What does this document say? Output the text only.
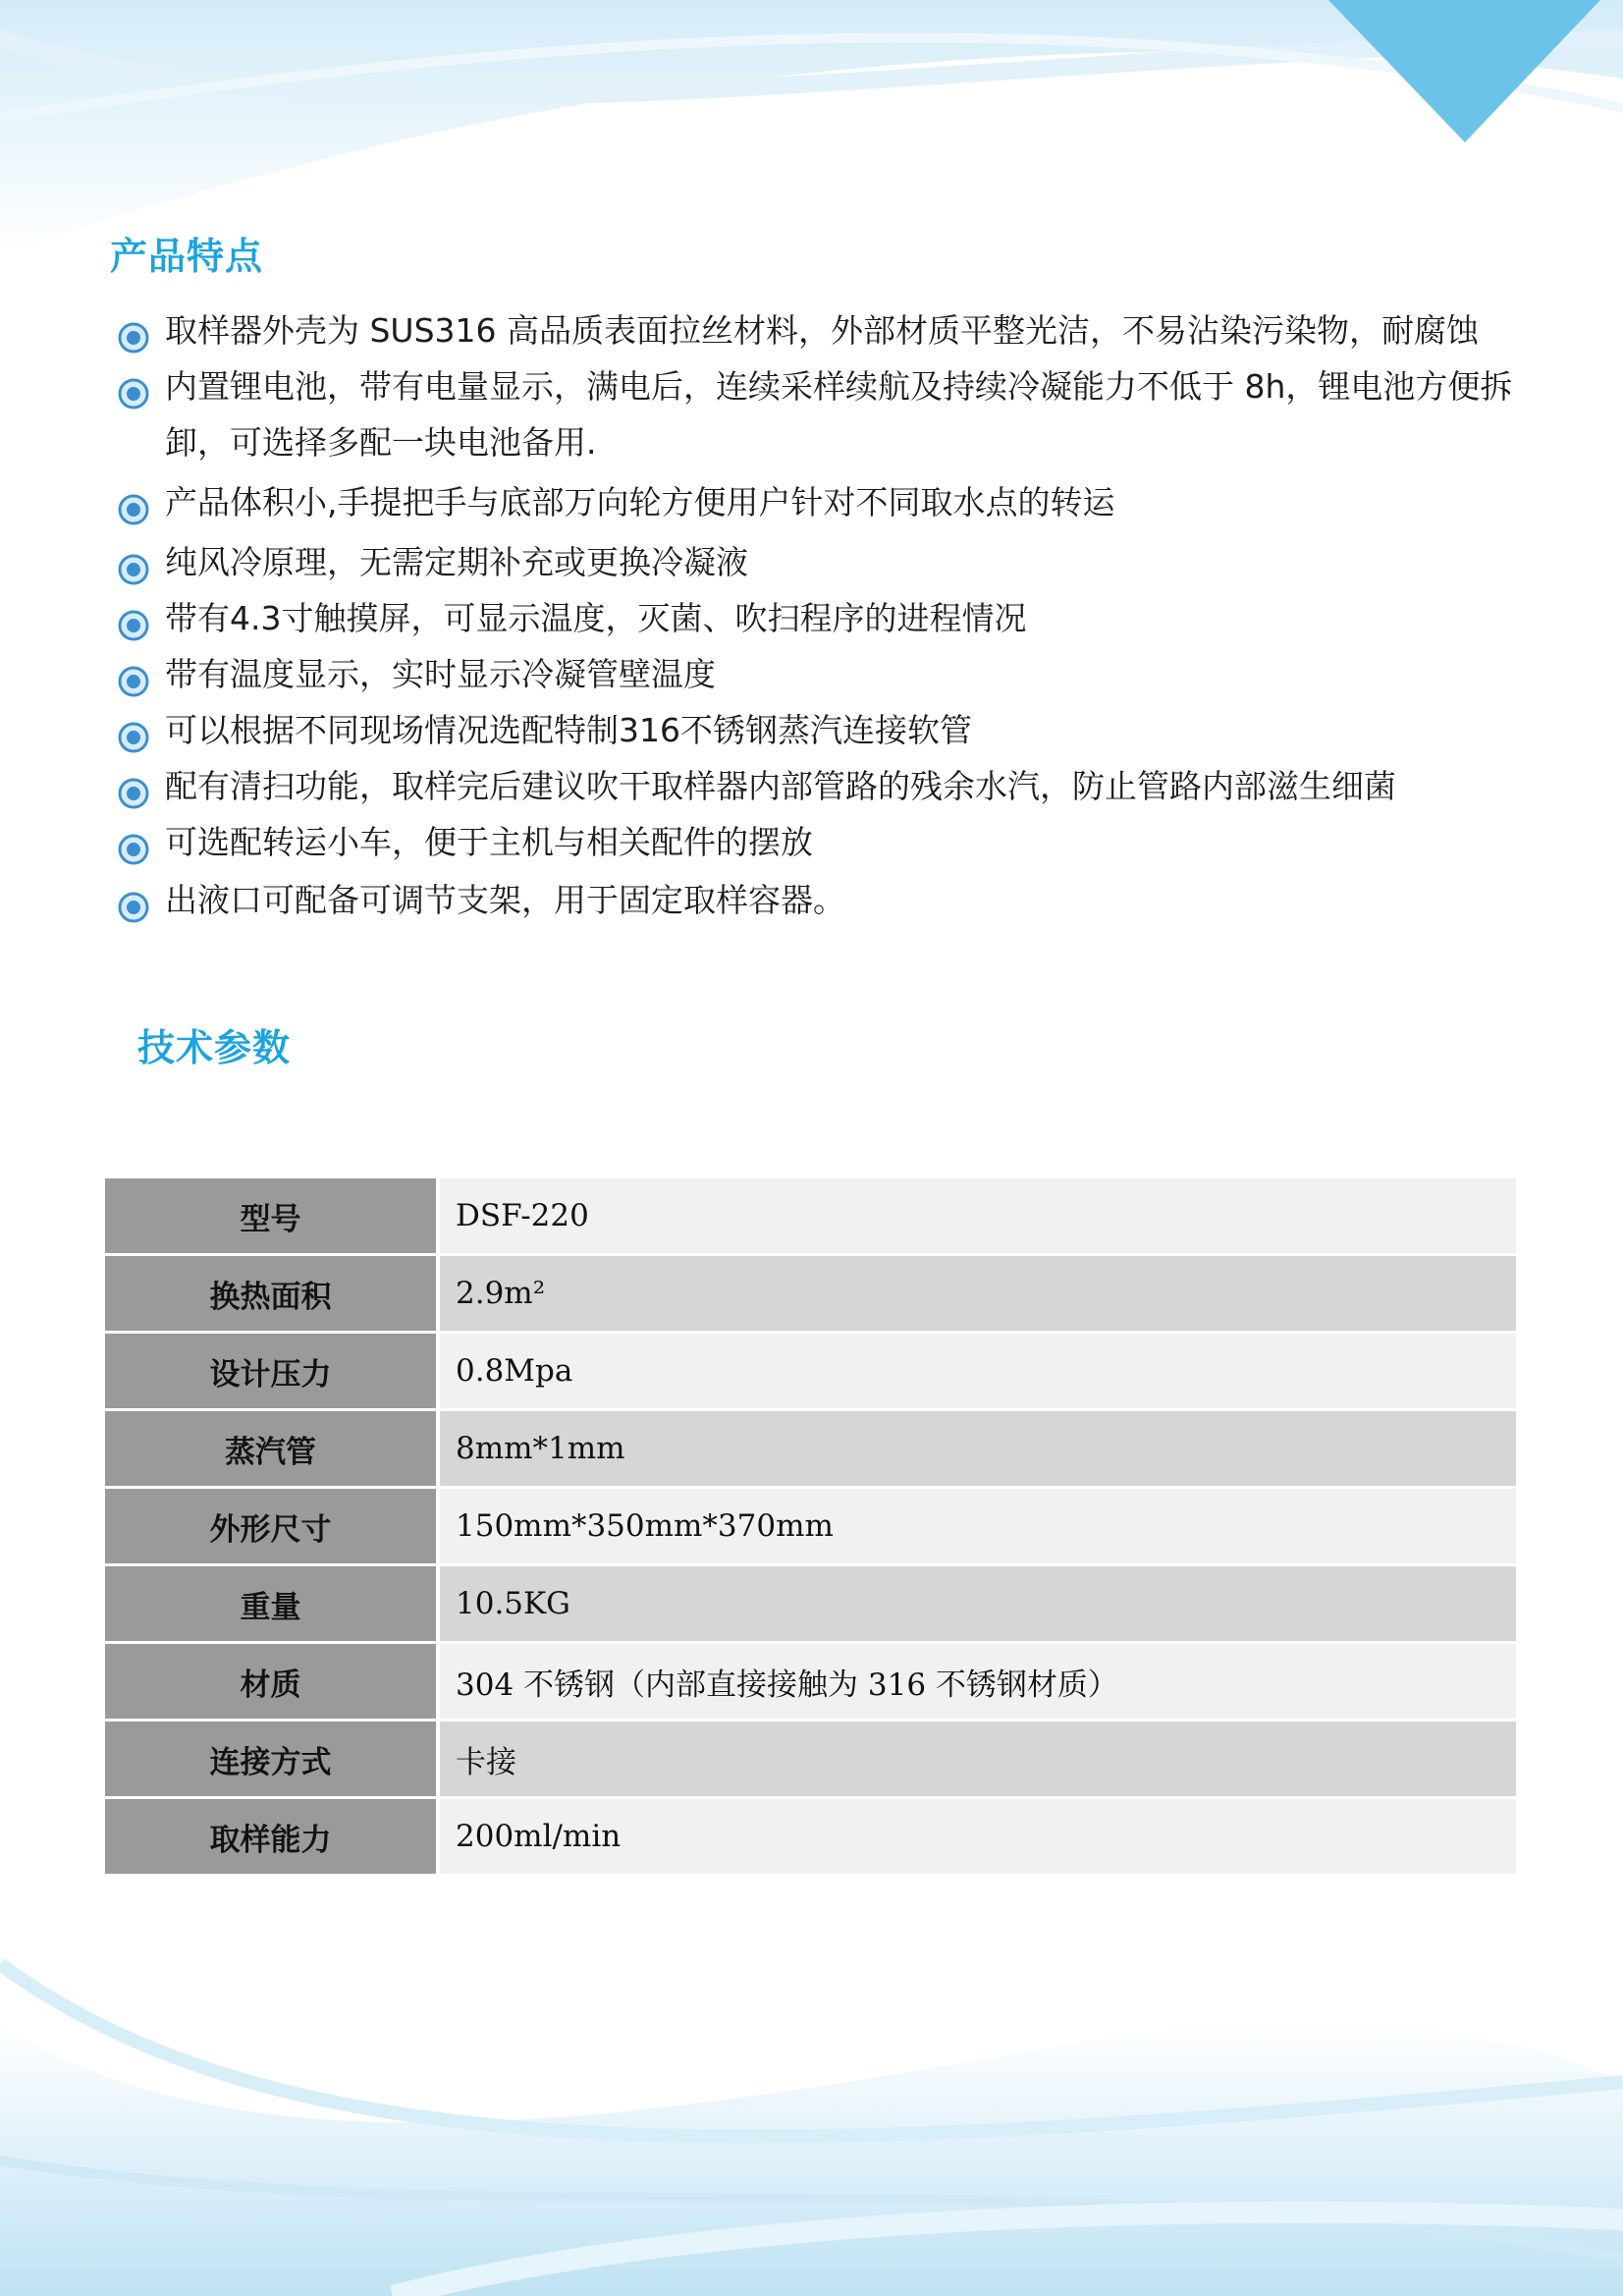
产品特点
取样器外壳为 SUS316 高品质表面拉丝材料，外部材质平整光洁，不易沾染污染物，耐腐蚀
内置锂电池，带有电量显示，满电后，连续采样续航及持续冷凝能力不低于 8h，锂电池方便拆卸，可选择多配一块电池备用.
产品体积小,手提把手与底部万向轮方便用户针对不同取水点的转运
纯风冷原理，无需定期补充或更换冷凝液
带有4.3寸触摸屏，可显示温度，灭菌、吹扫程序的进程情况
带有温度显示，实时显示冷凝管壁温度
可以根据不同现场情况选配特制316不锈钢蒸汽连接软管
配有清扫功能，取样完后建议吹干取样器内部管路的残余水汽，防止管路内部滋生细菌
可选配转运小车，便于主机与相关配件的摆放
出液口可配备可调节支架，用于固定取样容器。
技术参数
型号	DSF-220
换热面积	2.9m²
设计压力	0.8Mpa
蒸汽管	8mm*1mm
外形尺寸	150mm*350mm*370mm
重量	10.5KG
材质	304 不锈钢（内部直接接触为 316 不锈钢材质）
连接方式	卡接
取样能力	200ml/min
